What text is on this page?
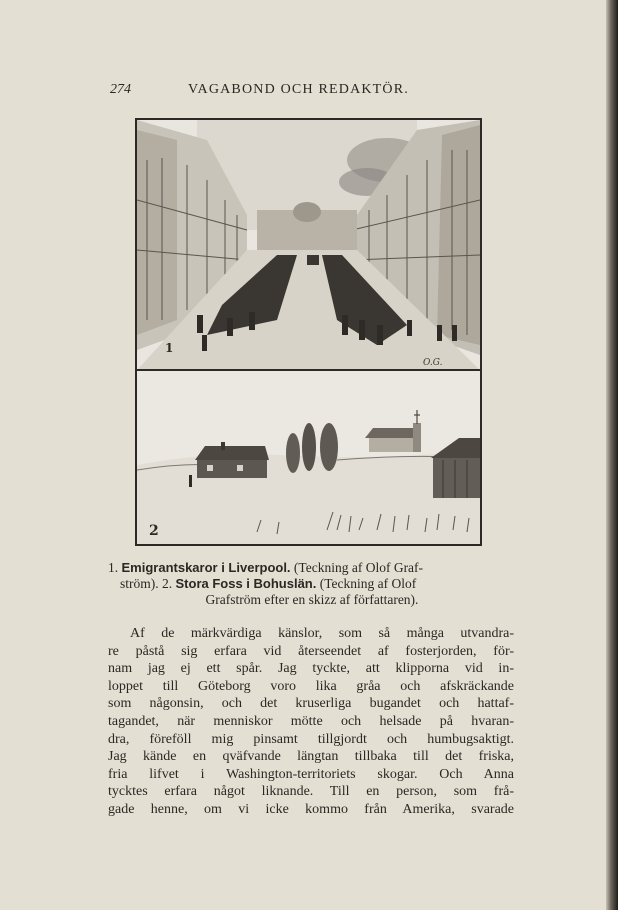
274	VAGABOND OCH REDAKTÖR.
O.G.
1
2
1. Emigrantskaror i Liverpool. (Teckning af Olof Graf-
ström). 2. Stora Foss i Bohuslän. (Teckning af Olof
Grafström efter en skizz af författaren).
Af de märkvärdiga känslor, som så många utvandra-
re påstå sig erfara vid återseendet af fosterjorden, för-
nam jag ej ett spår. Jag tyckte, att klipporna vid in-
loppet till Göteborg voro lika gråa och afskräckande
som någonsin, och det kruserliga bugandet och hattaf-
tagandet, när menniskor mötte och helsade på hvaran-
dra, föreföll mig pinsamt tillgjordt och humbugsaktigt.
Jag kände en qväfvande längtan tillbaka till det friska,
fria lifvet i Washington-territoriets skogar. Och Anna
tycktes erfara något liknande. Till en person, som frå-
gade henne, om vi icke kommo från Amerika, svarade
